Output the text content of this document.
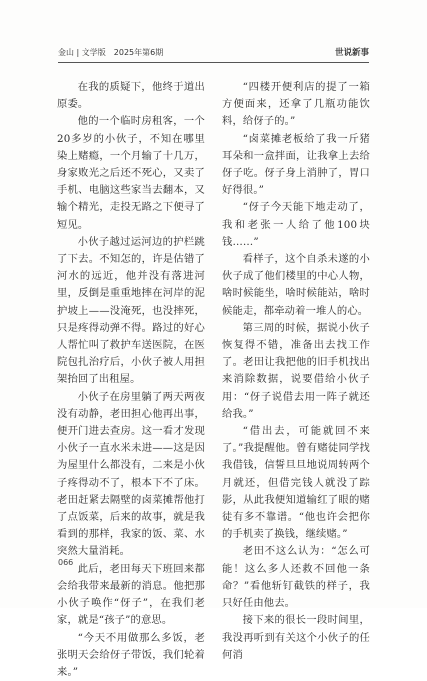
金山 | 文学版　2025年第6期	世说新事

在我的质疑下，他终于道出原委。

他的一个临时房租客，一个20多岁的小伙子，不知在哪里染上赌瘾，一个月输了十几万，身家败光之后还不死心，又卖了手机、电脑这些家当去翻本，又输个精光，走投无路之下便寻了短见。

小伙子越过运河边的护栏跳了下去。不知怎的，许是估错了河水的远近，他并没有落进河里，反倒是重重地摔在河岸的泥护坡上——没淹死，也没摔死，只是疼得动弹不得。路过的好心人帮忙叫了救护车送医院，在医院包扎治疗后，小伙子被人用担架抬回了出租屋。

小伙子在房里躺了两天两夜没有动静，老田担心他再出事，便开门进去查房。这一看才发现小伙子一直水米未进——这是因为屋里什么都没有，二来是小伙子疼得动不了，根本下不了床。老田赶紧去隔壁的卤菜摊帮他打了点饭菜，后来的故事，就是我看到的那样，我家的饭、菜、水突然大量消耗。

此后，老田每天下班回来都会给我带来最新的消息。他把那小伙子唤作“伢子”，在我们老家，就是“孩子”的意思。

“今天不用做那么多饭，老张明天会给伢子带饭，我们轮着来。”

“四楼开便利店的提了一箱方便面来，还拿了几瓶功能饮料，给伢子的。”

“卤菜摊老板给了我一斤猪耳朵和一盒拌面，让我拿上去给伢子吃。伢子身上消肿了，胃口好得很。”

“伢子今天能下地走动了，我和老张一人给了他100块钱……”

看样子，这个自杀未遂的小伙子成了他们楼里的中心人物，啥时候能坐，啥时候能站，啥时候能走，都牵动着一堆人的心。

第三周的时候，据说小伙子恢复得不错，准备出去找工作了。老田让我把他的旧手机找出来消除数据，说要借给小伙子用：“伢子说借去用一阵子就还给我。”

“借出去，可能就回不来了。”我提醒他。曾有赌徒同学找我借钱，信誓旦旦地说周转两个月就还，但借完钱人就没了踪影，从此我便知道输红了眼的赌徒有多不靠谱。“他也许会把你的手机卖了换钱，继续赌。”

老田不这么认为：“怎么可能！这么多人还救不回他一条命？”看他斩钉截铁的样子，我只好任由他去。

接下来的很长一段时间里，我没再听到有关这个小伙子的任何消

066
